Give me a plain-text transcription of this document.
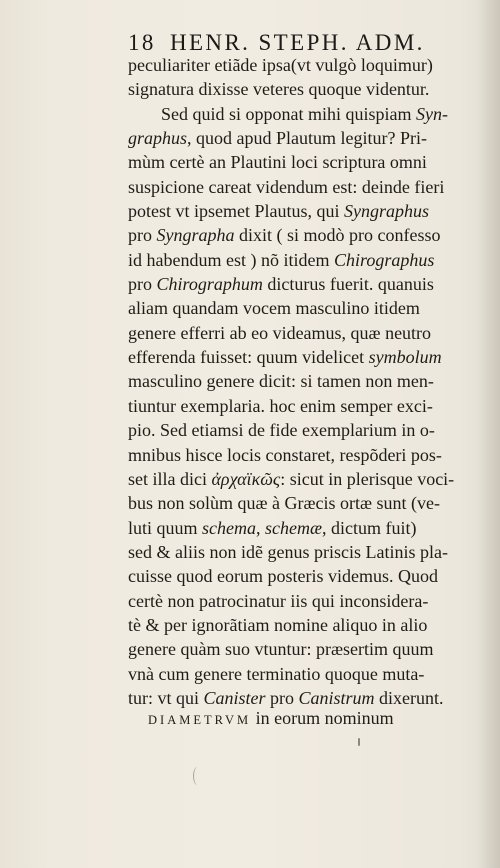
18 HENR. STEPH. ADM.
peculiariter etiãde ipsa(vt vulgò loquimur)
signatura dixisse veteres quoque videntur.
Sed quid si opponat mihi quispiam Syn-
graphus, quod apud Plautum legitur? Pri-
mùm certè an Plautini loci scriptura omni
suspicione careat videndum est: deinde fieri
potest vt ipsemet Plautus, qui Syngraphus
pro Syngrapha dixit ( si modò pro confesso
id habendum est ) nõ itidem Chirographus
pro Chirographum dicturus fuerit. quanuis
aliam quandam vocem masculino itidem
genere efferri ab eo videamus, quæ neutro
efferenda fuisset: quum videlicet symbolum
masculino genere dicit: si tamen non men-
tiuntur exemplaria. hoc enim semper exci-
pio. Sed etiamsi de fide exemplarium in o-
mnibus hisce locis constaret, respõderi pos-
set illa dici ἀρχαϊκῶς: sicut in plerisque voci-
bus non solùm quæ à Græcis ortæ sunt (ve-
luti quum schema, schemæ, dictum fuit)
sed & aliis non idẽ genus priscis Latinis pla-
cuisse quod eorum posteris videmus. Quod
certè non patrocinatur iis qui inconsidera-
tè & per ignorãtiam nomine aliquo in alio
genere quàm suo vtuntur: præsertim quum
vnà cum genere terminatio quoque muta-
tur: vt qui Canister pro Canistrum dixerunt.
DIAMETRVM in eorum nominum
